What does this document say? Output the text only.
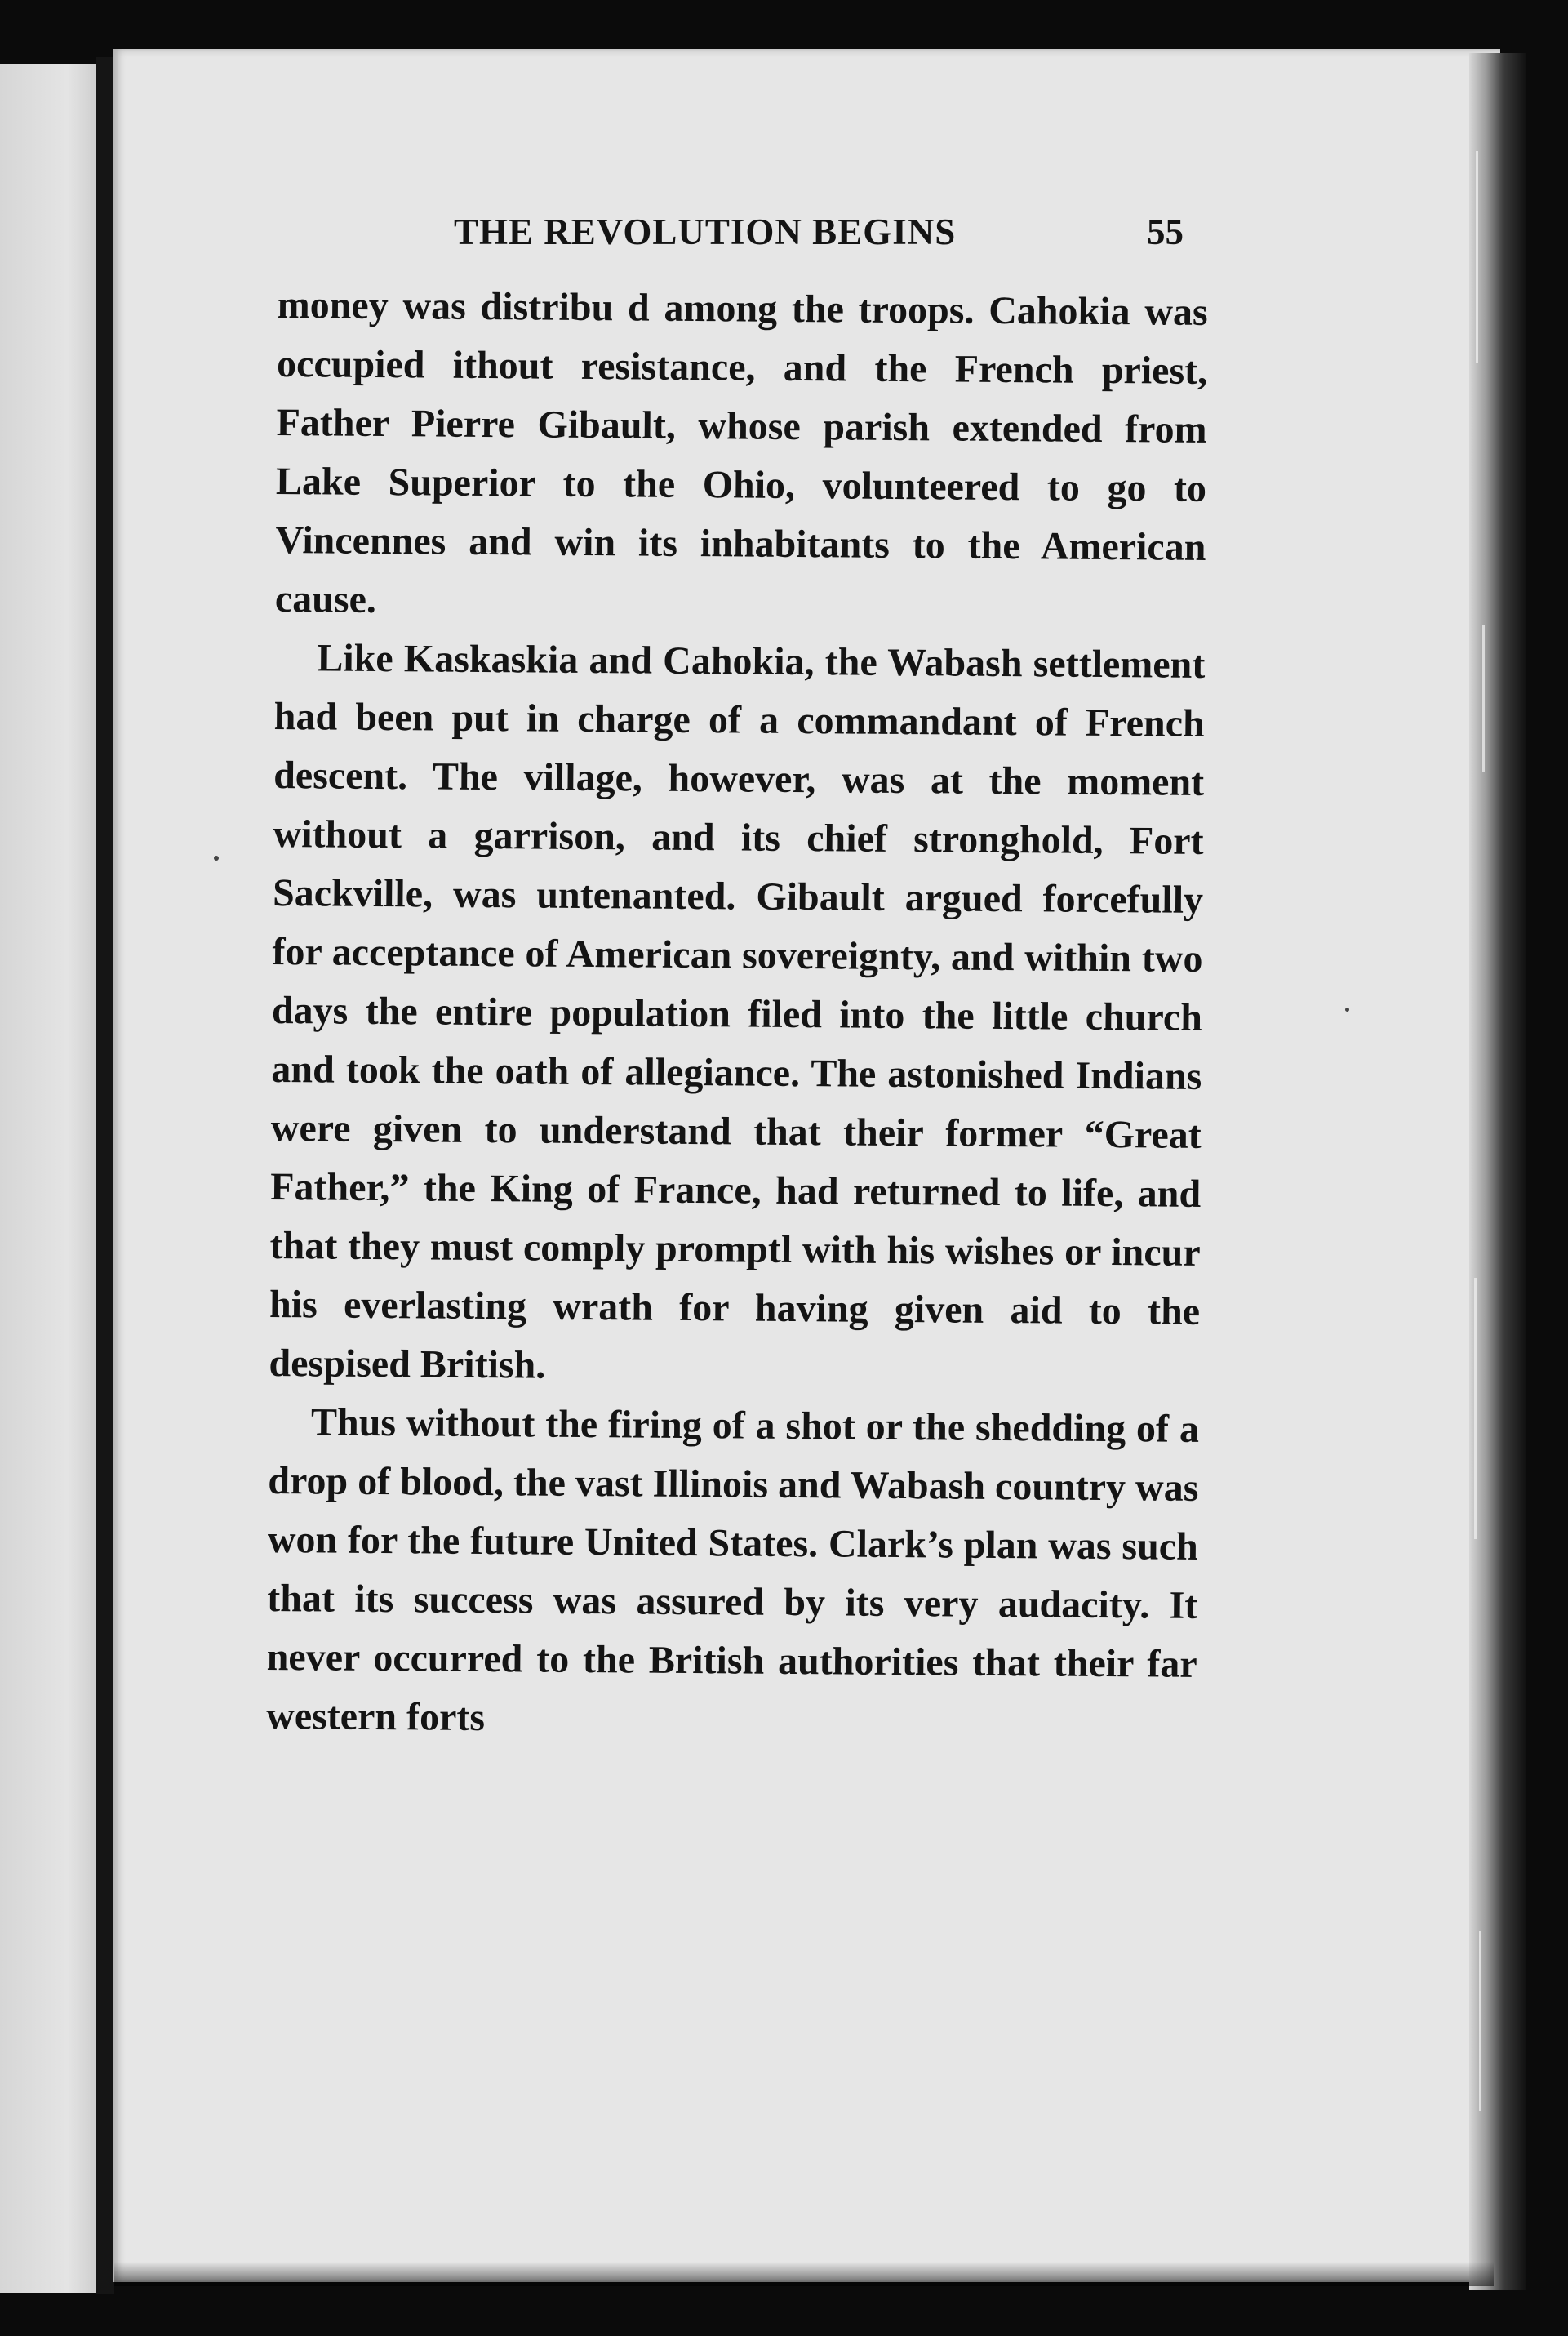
THE REVOLUTION BEGINS	55

money was distribu d among the troops. Cahokia was occupied ithout resistance, and the French priest, Father Pierre Gibault, whose parish extended from Lake Superior to the Ohio, volunteered to go to Vincennes and win its inhabitants to the American cause.

Like Kaskaskia and Cahokia, the Wabash settlement had been put in charge of a commandant of French descent. The village, however, was at the moment without a garrison, and its chief stronghold, Fort Sackville, was untenanted. Gibault argued forcefully for acceptance of American sovereignty, and within two days the entire population filed into the little church and took the oath of allegiance. The astonished Indians were given to understand that their former “Great Father,” the King of France, had returned to life, and that they must comply promptl with his wishes or incur his everlasting wrath for having given aid to the despised British.

Thus without the firing of a shot or the shedding of a drop of blood, the vast Illinois and Wabash country was won for the future United States. Clark’s plan was such that its success was assured by its very audacity. It never occurred to the British authorities that their far western forts
